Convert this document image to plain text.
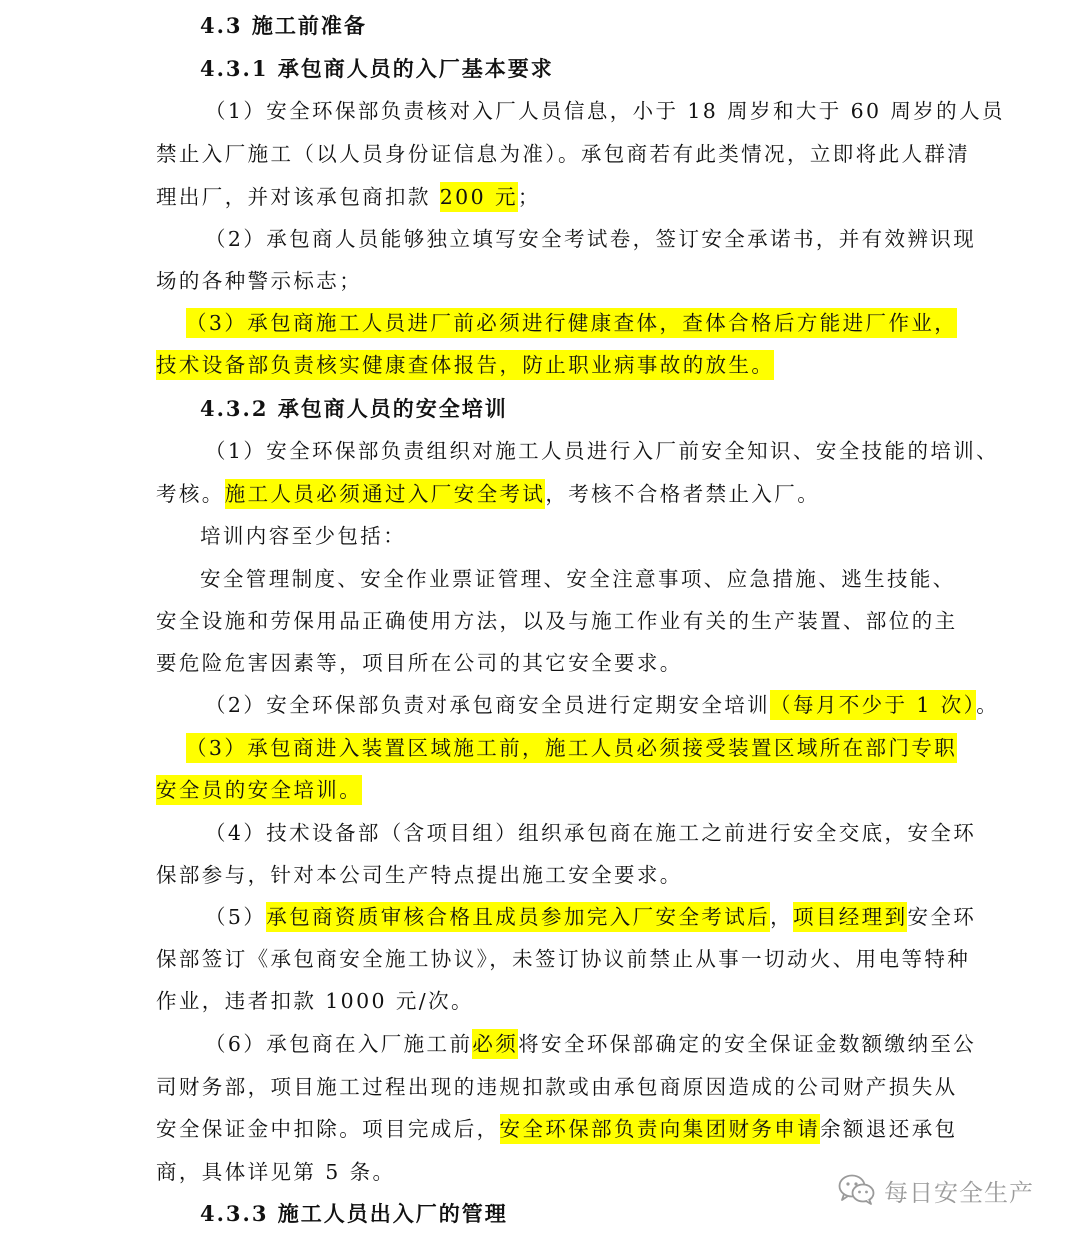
4.3 施工前准备
4.3.1 承包商人员的入厂基本要求
（1）安全环保部负责核对入厂人员信息，小于 18 周岁和大于 60 周岁的人员
禁止入厂施工（以人员身份证信息为准）。承包商若有此类情况，立即将此人群清
理出厂，并对该承包商扣款 200 元；
（2）承包商人员能够独立填写安全考试卷，签订安全承诺书，并有效辨识现
场的各种警示标志；
（3）承包商施工人员进厂前必须进行健康查体，查体合格后方能进厂作业，
技术设备部负责核实健康查体报告，防止职业病事故的放生。
4.3.2 承包商人员的安全培训
（1）安全环保部负责组织对施工人员进行入厂前安全知识、安全技能的培训、
考核。施工人员必须通过入厂安全考试，考核不合格者禁止入厂。
培训内容至少包括：
安全管理制度、安全作业票证管理、安全注意事项、应急措施、逃生技能、
安全设施和劳保用品正确使用方法，以及与施工作业有关的生产装置、部位的主
要危险危害因素等，项目所在公司的其它安全要求。
（2）安全环保部负责对承包商安全员进行定期安全培训（每月不少于 1 次）。
（3）承包商进入装置区域施工前，施工人员必须接受装置区域所在部门专职
安全员的安全培训。
（4）技术设备部（含项目组）组织承包商在施工之前进行安全交底，安全环
保部参与，针对本公司生产特点提出施工安全要求。
（5）承包商资质审核合格且成员参加完入厂安全考试后，项目经理到安全环
保部签订《承包商安全施工协议》，未签订协议前禁止从事一切动火、用电等特种
作业，违者扣款 1000 元/次。
（6）承包商在入厂施工前必须将安全环保部确定的安全保证金数额缴纳至公
司财务部，项目施工过程出现的违规扣款或由承包商原因造成的公司财产损失从
安全保证金中扣除。项目完成后，安全环保部负责向集团财务申请余额退还承包
商，具体详见第 5 条。
4.3.3 施工人员出入厂的管理
每日安全生产
